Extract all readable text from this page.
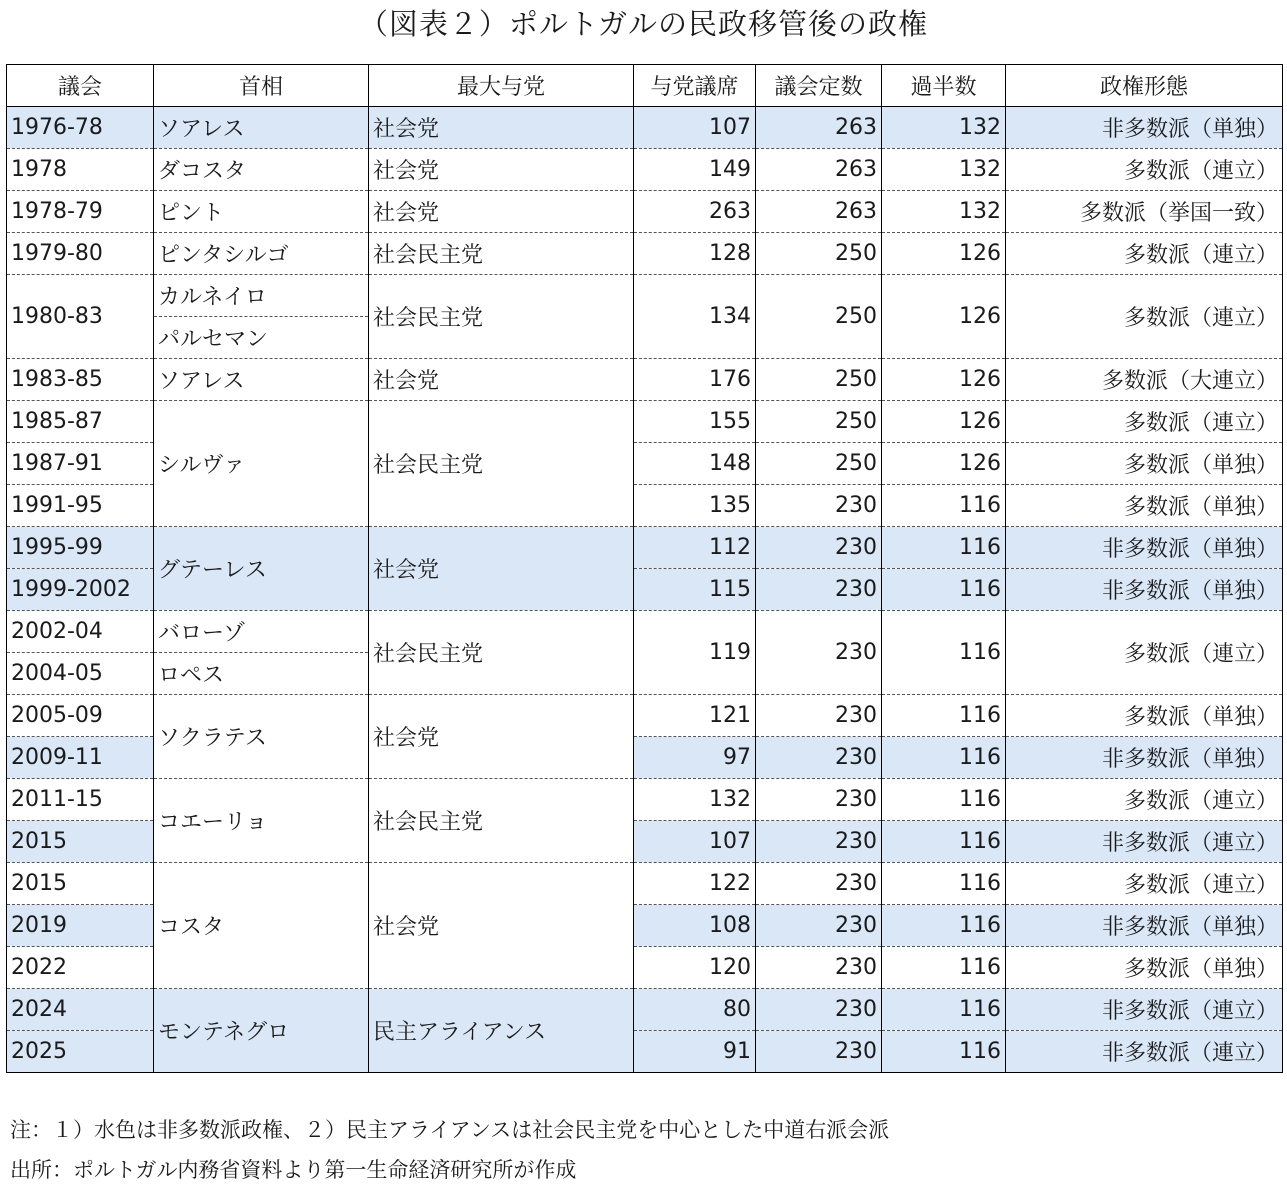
（図表２）ポルトガルの民政移管後の政権
議会	首相	最大与党	与党議席	議会定数	過半数	政権形態
1976-78	ソアレス	社会党	107	263	132	非多数派（単独）
1978	ダコスタ	社会党	149	263	132	多数派（連立）
1978-79	ピント	社会党	263	263	132	多数派（挙国一致）
1979-80	ピンタシルゴ	社会民主党	128	250	126	多数派（連立）
1980-83	カルネイロ	社会民主党	134	250	126	多数派（連立）
	パルセマン					
1983-85	ソアレス	社会党	176	250	126	多数派（大連立）
1985-87	シルヴァ	社会民主党	155	250	126	多数派（連立）
1987-91			148	250	126	多数派（単独）
1991-95			135	230	116	多数派（単独）
1995-99	グテーレス	社会党	112	230	116	非多数派（単独）
1999-2002			115	230	116	非多数派（単独）
2002-04	バローゾ	社会民主党	119	230	116	多数派（連立）
2004-05	ロペス					
2005-09	ソクラテス	社会党	121	230	116	多数派（単独）
2009-11			97	230	116	非多数派（単独）
2011-15	コエーリョ	社会民主党	132	230	116	多数派（連立）
2015			107	230	116	非多数派（連立）
2015	コスタ	社会党	122	230	116	多数派（連立）
2019			108	230	116	非多数派（単独）
2022			120	230	116	多数派（単独）
2024	モンテネグロ	民主アライアンス	80	230	116	非多数派（連立）
2025			91	230	116	非多数派（連立）
注：１）水色は非多数派政権、２）民主アライアンスは社会民主党を中心とした中道右派会派
出所：ポルトガル内務省資料より第一生命経済研究所が作成
